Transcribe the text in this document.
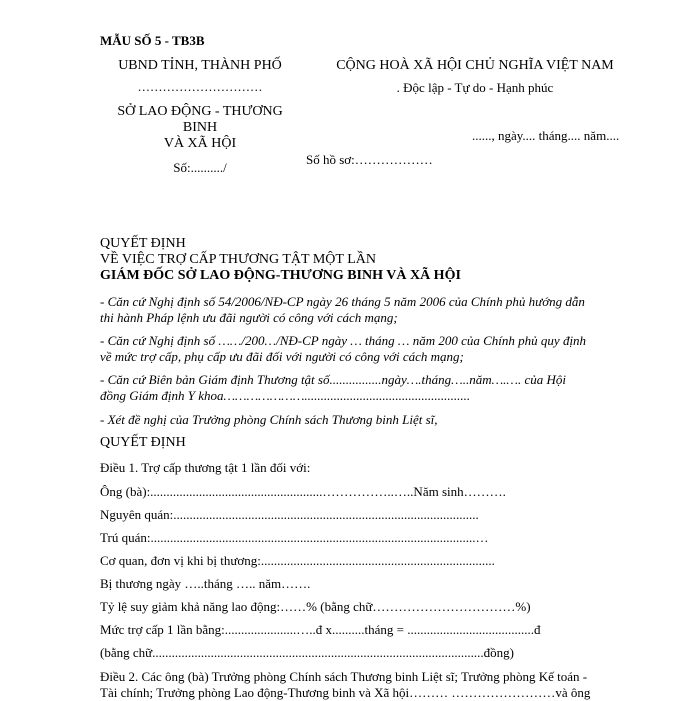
MẪU SỐ 5 - TB3B
UBND TỈNH, THÀNH PHỐ
…………………………
SỞ LAO ĐỘNG - THƯƠNG
BINH
VÀ XÃ HỘI
Số:........../
CỘNG HOÀ XÃ HỘI CHỦ NGHĨA VIỆT NAM
. Độc lập - Tự do - Hạnh phúc
......, ngày.... tháng.... năm....
Số hồ sơ:………………
QUYẾT ĐỊNH
VỀ VIỆC TRỢ CẤP THƯƠNG TẬT MỘT LẦN
GIÁM ĐỐC SỞ LAO ĐỘNG-THƯƠNG BINH VÀ XÃ HỘI
- Căn cứ Nghị định số 54/2006/NĐ-CP ngày 26 tháng 5 năm 2006 của Chính phủ hướng dẫn
thi hành Pháp lệnh ưu đãi người có công với cách mạng;
- Căn cứ Nghị định số ……/200…/NĐ-CP ngày … tháng … năm 200 của Chính phủ quy định
về mức trợ cấp, phụ cấp ưu đãi đối với người có công với cách mạng;
- Căn cứ Biên bản Giám định Thương tật số................ngày….tháng…..năm….…. của Hội
đồng Giám định Y khoa…………………...................................................
- Xét đề nghị của Trưởng phòng Chính sách Thương binh Liệt sĩ,
QUYẾT ĐỊNH
Điều 1. Trợ cấp thương tật 1 lần đối với:
Ông (bà):.....................................................……………..…..Năm sinh……….
Nguyên quán:..............................................................................................
Trú quán:....................................................................................................…
Cơ quan, đơn vị khi bị thương:........................................................................
Bị thương ngày …..tháng ….. năm…….
Tỷ lệ suy giảm khả năng lao động:……% (bằng chữ……………………………%)
Mức trợ cấp 1 lần bằng:......................…..đ x..........tháng = .......................................đ
(bằng chữ......................................................................................................đồng)
Điều 2. Các ông (bà) Trưởng phòng Chính sách Thương binh Liệt sĩ; Trưởng phòng Kế toán -
Tài chính; Trưởng phòng Lao động-Thương binh và Xã hội……… ……………………và ông
